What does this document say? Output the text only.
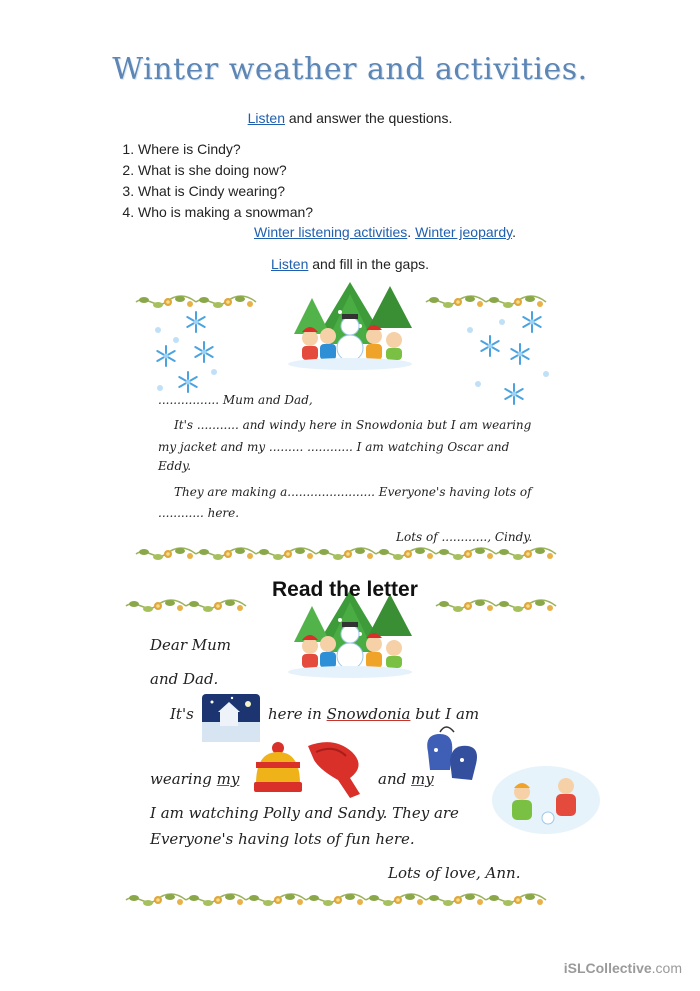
Winter weather and activities.
Listen and answer the questions.
1. Where is Cindy?
2. What is she doing now?
3. What is Cindy wearing?
4. Who is making a snowman?
Winter listening activities. Winter jeopardy.
Listen and fill in the gaps.
................ Mum and Dad,
It's ........... and windy here in Snowdonia but I am wearing
my jacket and my ......... ............ I am watching Oscar and
Eddy.
They are making a....................... Everyone's having lots of
............ here.
Lots of ............, Cindy.
Read the letter
Dear Mum
and Dad.
It's	here in Snowdonia but I am
wearing my	and my
I am watching Polly and Sandy. They are
Everyone's having lots of fun here.
Lots of love, Ann.
iSLCollective.com
